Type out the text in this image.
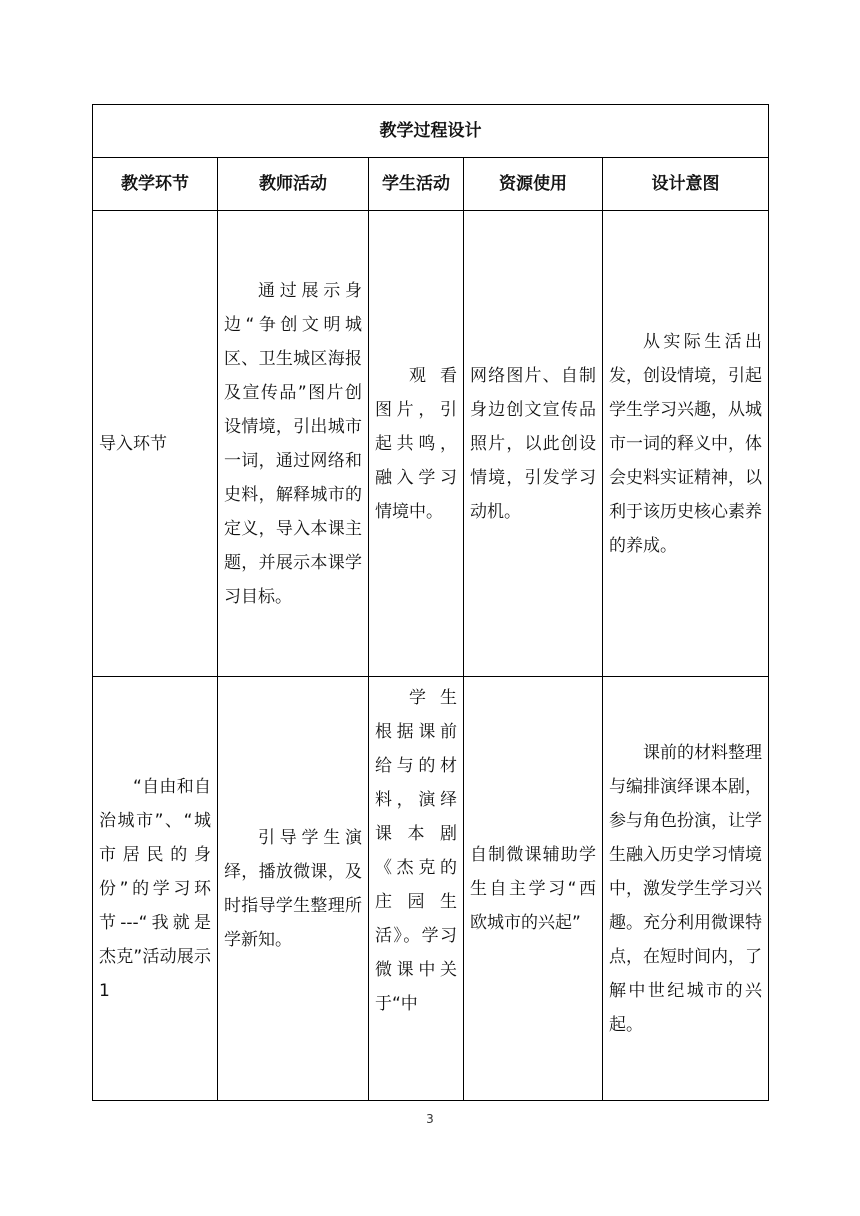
教学过程设计				
教学环节	教师活动	学生活动	资源使用	设计意图

导入环节	通过展示身边“争创文明城区、卫生城区海报及宣传品”图片创设情境，引出城市一词，通过网络和史料，解释城市的定义，导入本课主题，并展示本课学习目标。	观看图片，引起共鸣，融入学习情境中。	网络图片、自制身边创文宣传品照片，以此创设情境，引发学习动机。	从实际生活出发，创设情境，引起学生学习兴趣，从城市一词的释义中，体会史料实证精神，以利于该历史核心素养的养成。

“自由和自治城市”、“城市居民的身份”的学习环节---“我就是杰克”活动展示1	引导学生演绎，播放微课，及时指导学生整理所学新知。	学生根据课前给与的材料，演绎课本剧《杰克的庄园生活》。学习微课中关于“中	自制微课辅助学生自主学习“西欧城市的兴起”	课前的材料整理与编排演绎课本剧，参与角色扮演，让学生融入历史学习情境中，激发学生学习兴趣。充分利用微课特点，在短时间内，了解中世纪城市的兴起。

3
